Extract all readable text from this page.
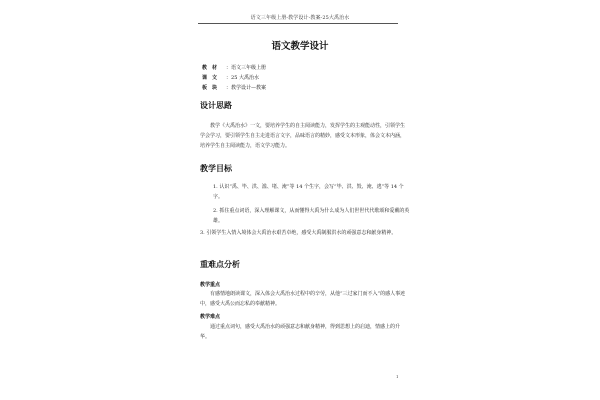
语文三年级上册-教学设计-教案-25大禹治水
语文教学设计
教　材 ：语文三年级上册
课　文 ：25 大禹治水
板　块 ：教学设计—教案
设计思路
教学《大禹治水》一文，要培养学生的自主阅读能力，发挥学生的主观能动性，引领学生学会学习，要引领学生自主走进语言文字，品味语言的精妙，感受文本形象，体会文本内涵，培养学生自主阅读能力，语文学习能力。
教学目标
1. 认识“禹、毕、洪、滥、堵、淹”等 14 个生字，会写“毕、洪、毁、淹、逃”等 14 个字。
2. 抓住重点词语，深入理解课文，从而懂得大禹为什么成为人们世世代代歌颂和爱戴的英雄。
3. 引领学生入情入境体会大禹治水艰苦卓绝，感受大禹制服洪水的顽强意志和献身精神。
重难点分析
教学重点
有感情地朗读课文，深入体会大禹治水过程中的辛劳，从他“三过家门而不入”的感人事迹中，感受大禹公而忘私的奉献精神。
教学难点
通过重点词句，感受大禹治水的顽强意志和献身精神，得到思想上的启迪，情感上的升华。
1
